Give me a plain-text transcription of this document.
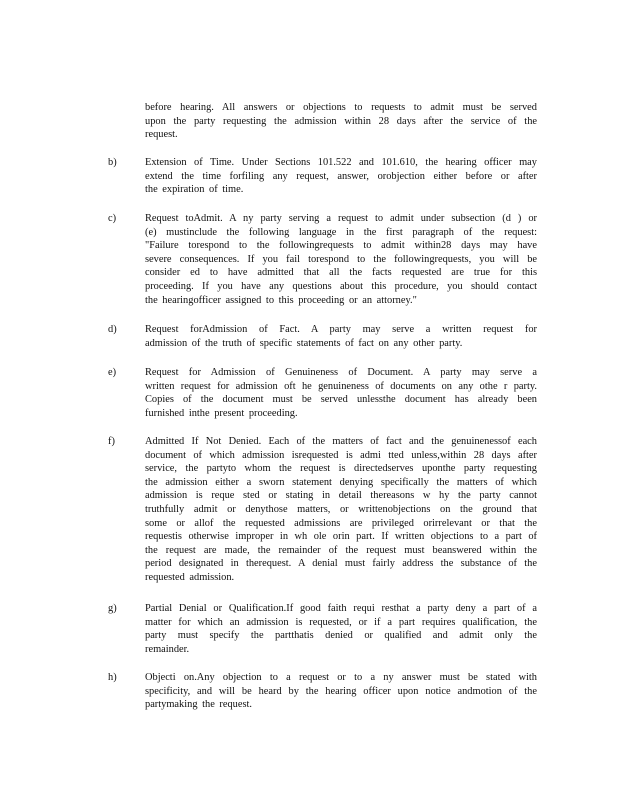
before hearing. All answers or objections to requests to admit must be served
upon the party requesting the admission within 28 days after the service of the
request.
b)	Extension of Time. Under Sections 101.522 and 101.610, the hearing officer may
extend the time forfiling any request, answer, orobjection either before or after
the expiration of time.
c)	Request toAdmit. A ny party serving a request to admit under subsection (d ) or
(e) mustinclude the following language in the first paragraph of the request:
"Failure torespond to the followingrequests to admit within28 days may have
severe consequences. If you fail torespond to the followingrequests, you will be
consider ed to have admitted that all the facts requested are true for this
proceeding. If you have any questions about this procedure, you should contact
the hearingofficer assigned to this proceeding or an attorney."
d)	Request forAdmission of Fact. A party may serve a written request for
admission of the truth of specific statements of fact on any other party.
e)	Request for Admission of Genuineness of Document. A party may serve a
written request for admission oft he genuineness of documents on any othe r party.
Copies of the document must be served unlessthe document has already been
furnished inthe present proceeding.
f)	Admitted If Not Denied. Each of the matters of fact and the genuinenessof each
document of which admission isrequested is admi tted unless,within 28 days after
service, the partyto whom the request is directedserves uponthe party requesting
the admission either a sworn statement denying specifically the matters of which
admission is reque sted or stating in detail thereasons w hy the party cannot
truthfully admit or denythose matters, or writtenobjections on the ground that
some or allof the requested admissions are privileged orirrelevant or that the
requestis otherwise improper in wh ole orin part. If written objections to a part of
the request are made, the remainder of the request must beanswered within the
period designated in therequest. A denial must fairly address the substance of the
requested admission.
g)	Partial Denial or Qualification.If good faith requi resthat a party deny a part of a
matter for which an admission is requested, or if a part requires qualification, the
party must specify the partthatis denied or qualified and admit only the
remainder.
h)	Objecti on.Any objection to a request or to a ny answer must be stated with
specificity, and will be heard by the hearing officer upon notice andmotion of the
partymaking the request.
